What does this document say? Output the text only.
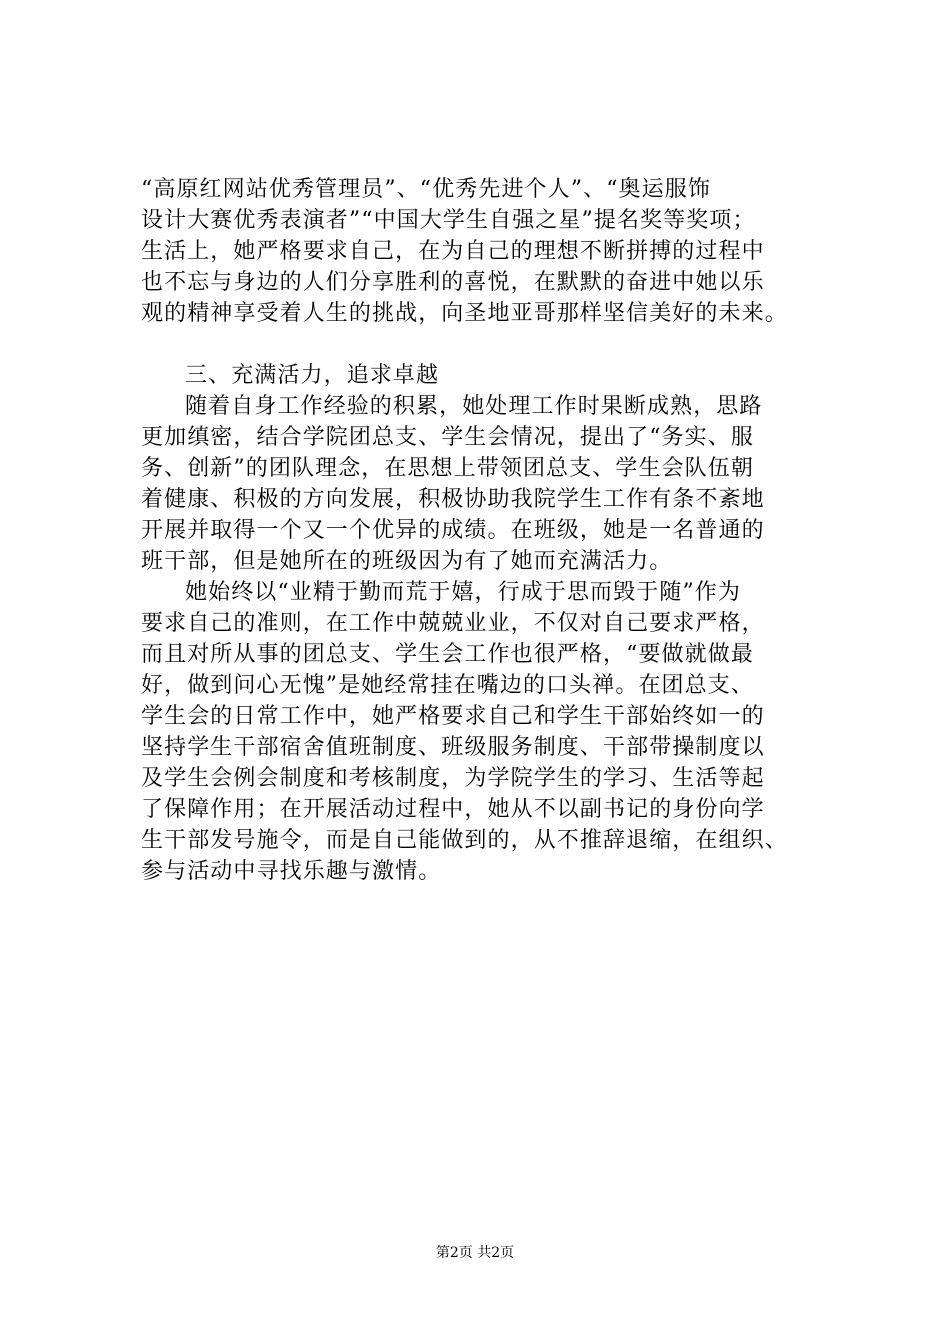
“高原红网站优秀管理员”、“优秀先进个人”、“奥运服饰
设计大赛优秀表演者”“中国大学生自强之星”提名奖等奖项；
生活上，她严格要求自己，在为自己的理想不断拼搏的过程中
也不忘与身边的人们分享胜利的喜悦，在默默的奋进中她以乐
观的精神享受着人生的挑战，向圣地亚哥那样坚信美好的未来。
三、充满活力，追求卓越
随着自身工作经验的积累，她处理工作时果断成熟，思路
更加缜密，结合学院团总支、学生会情况，提出了“务实、服
务、创新”的团队理念，在思想上带领团总支、学生会队伍朝
着健康、积极的方向发展，积极协助我院学生工作有条不紊地
开展并取得一个又一个优异的成绩。在班级，她是一名普通的
班干部，但是她所在的班级因为有了她而充满活力。
她始终以“业精于勤而荒于嬉，行成于思而毁于随”作为
要求自己的准则，在工作中兢兢业业，不仅对自己要求严格，
而且对所从事的团总支、学生会工作也很严格，“要做就做最
好，做到问心无愧”是她经常挂在嘴边的口头禅。在团总支、
学生会的日常工作中，她严格要求自己和学生干部始终如一的
坚持学生干部宿舍值班制度、班级服务制度、干部带操制度以
及学生会例会制度和考核制度，为学院学生的学习、生活等起
了保障作用；在开展活动过程中，她从不以副书记的身份向学
生干部发号施令，而是自己能做到的，从不推辞退缩，在组织、
参与活动中寻找乐趣与激情。
第2页 共2页
